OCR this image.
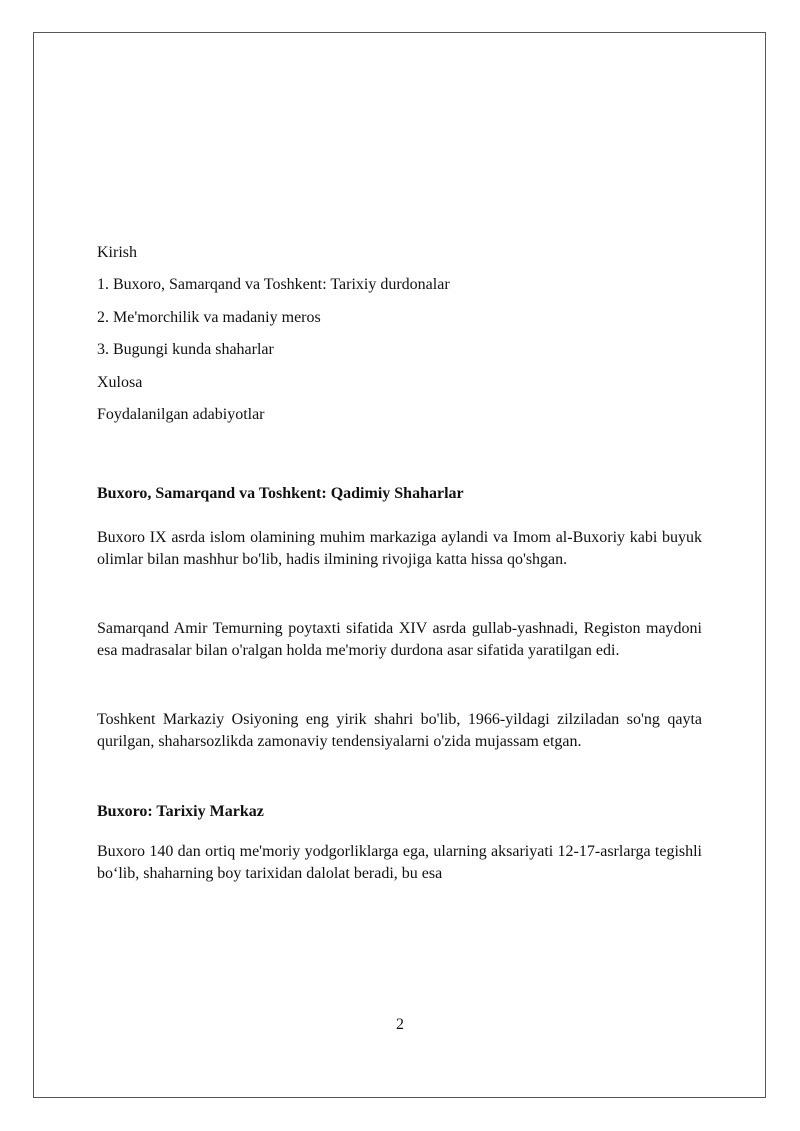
Kirish
1. Buxoro, Samarqand va Toshkent: Tarixiy durdonalar
2. Me'morchilik va madaniy meros
3. Bugungi kunda shaharlar
Xulosa
Foydalanilgan adabiyotlar
Buxoro, Samarqand va Toshkent: Qadimiy Shaharlar

Buxoro IX asrda islom olamining muhim markaziga aylandi va Imom al-Buxoriy kabi buyuk olimlar bilan mashhur bo'lib, hadis ilmining rivojiga katta hissa qo'shgan.

Samarqand Amir Temurning poytaxti sifatida XIV asrda gullab-yashnadi, Registon maydoni esa madrasalar bilan o'ralgan holda me'moriy durdona asar sifatida yaratilgan edi.

Toshkent Markaziy Osiyoning eng yirik shahri bo'lib, 1966-yildagi zilziladan so'ng qayta qurilgan, shaharsozlikda zamonaviy tendensiyalarni o'zida mujassam etgan.

Buxoro: Tarixiy Markaz

Buxoro 140 dan ortiq me'moriy yodgorliklarga ega, ularning aksariyati 12-17-asrlarga tegishli bo‘lib, shaharning boy tarixidan dalolat beradi, bu esa

2
